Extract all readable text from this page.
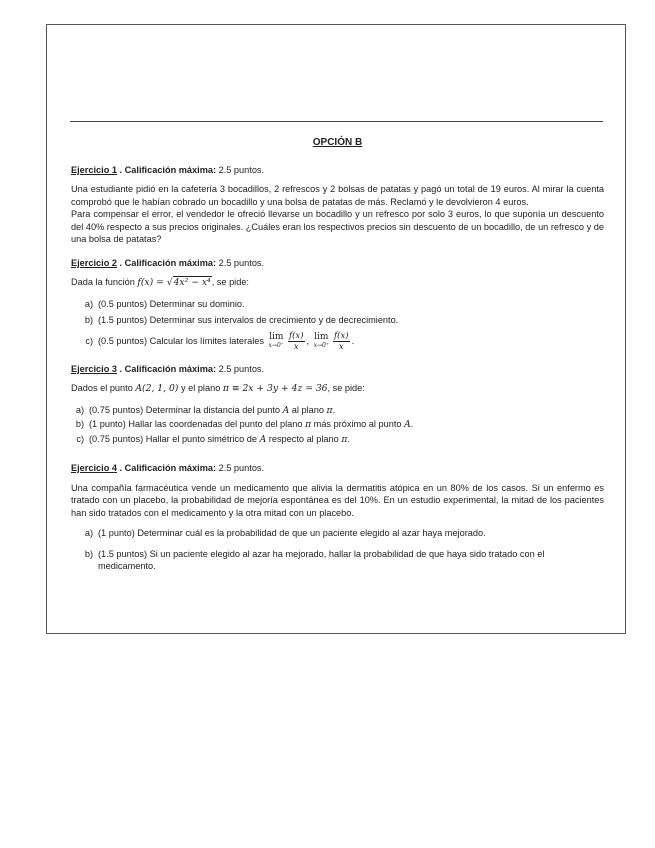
OPCIÓN B

Ejercicio 1 . Calificación máxima: 2.5 puntos.

Una estudiante pidió en la cafetería 3 bocadillos, 2 refrescos y 2 bolsas de patatas y pagó un total de 19 euros. Al mirar la cuenta comprobó que le habían cobrado un bocadillo y una bolsa de patatas de más. Reclamó y le devolvieron 4 euros.

Para compensar el error, el vendedor le ofreció llevarse un bocadillo y un refresco por solo 3 euros, lo que suponía un descuento del 40% respecto a sus precios originales. ¿Cuáles eran los respectivos precios sin descuento de un bocadillo, de un refresco y de una bolsa de patatas?

Ejercicio 2 . Calificación máxima: 2.5 puntos.

Dada la función f(x) = √4x² − x⁴, se pide:

a) (0.5 puntos) Determinar su dominio.
b) (1.5 puntos) Determinar sus intervalos de crecimiento y de decrecimiento.
c) (0.5 puntos) Calcular los límites laterales lim
$x\to 0^- \frac{f(x)}{x}$ , lim
$x\to 0^+ \frac{f(x)}{x}$ .

Ejercicio 3 . Calificación máxima: 2.5 puntos.

Dados el punto A(2, 1, 0) y el plano π ≡ 2x + 3y + 4z = 36, se pide:

a) (0.75 puntos) Determinar la distancia del punto A al plano π.
b) (1 punto) Hallar las coordenadas del punto del plano π más próximo al punto A.
c) (0.75 puntos) Hallar el punto simétrico de A respecto al plano π.

Ejercicio 4 . Calificación máxima: 2.5 puntos.

Una compañía farmacéutica vende un medicamento que alivia la dermatitis atópica en un 80% de los casos. Si un enfermo es tratado con un placebo, la probabilidad de mejoría espontánea es del 10%. En un estudio experimental, la mitad de los pacientes han sido tratados con el medicamento y la otra mitad con un placebo.

a) (1 punto) Determinar cuál es la probabilidad de que un paciente elegido al azar haya mejorado.
b) (1.5 puntos) Si un paciente elegido al azar ha mejorado, hallar la probabilidad de que haya sido tratado con el medicamento.
